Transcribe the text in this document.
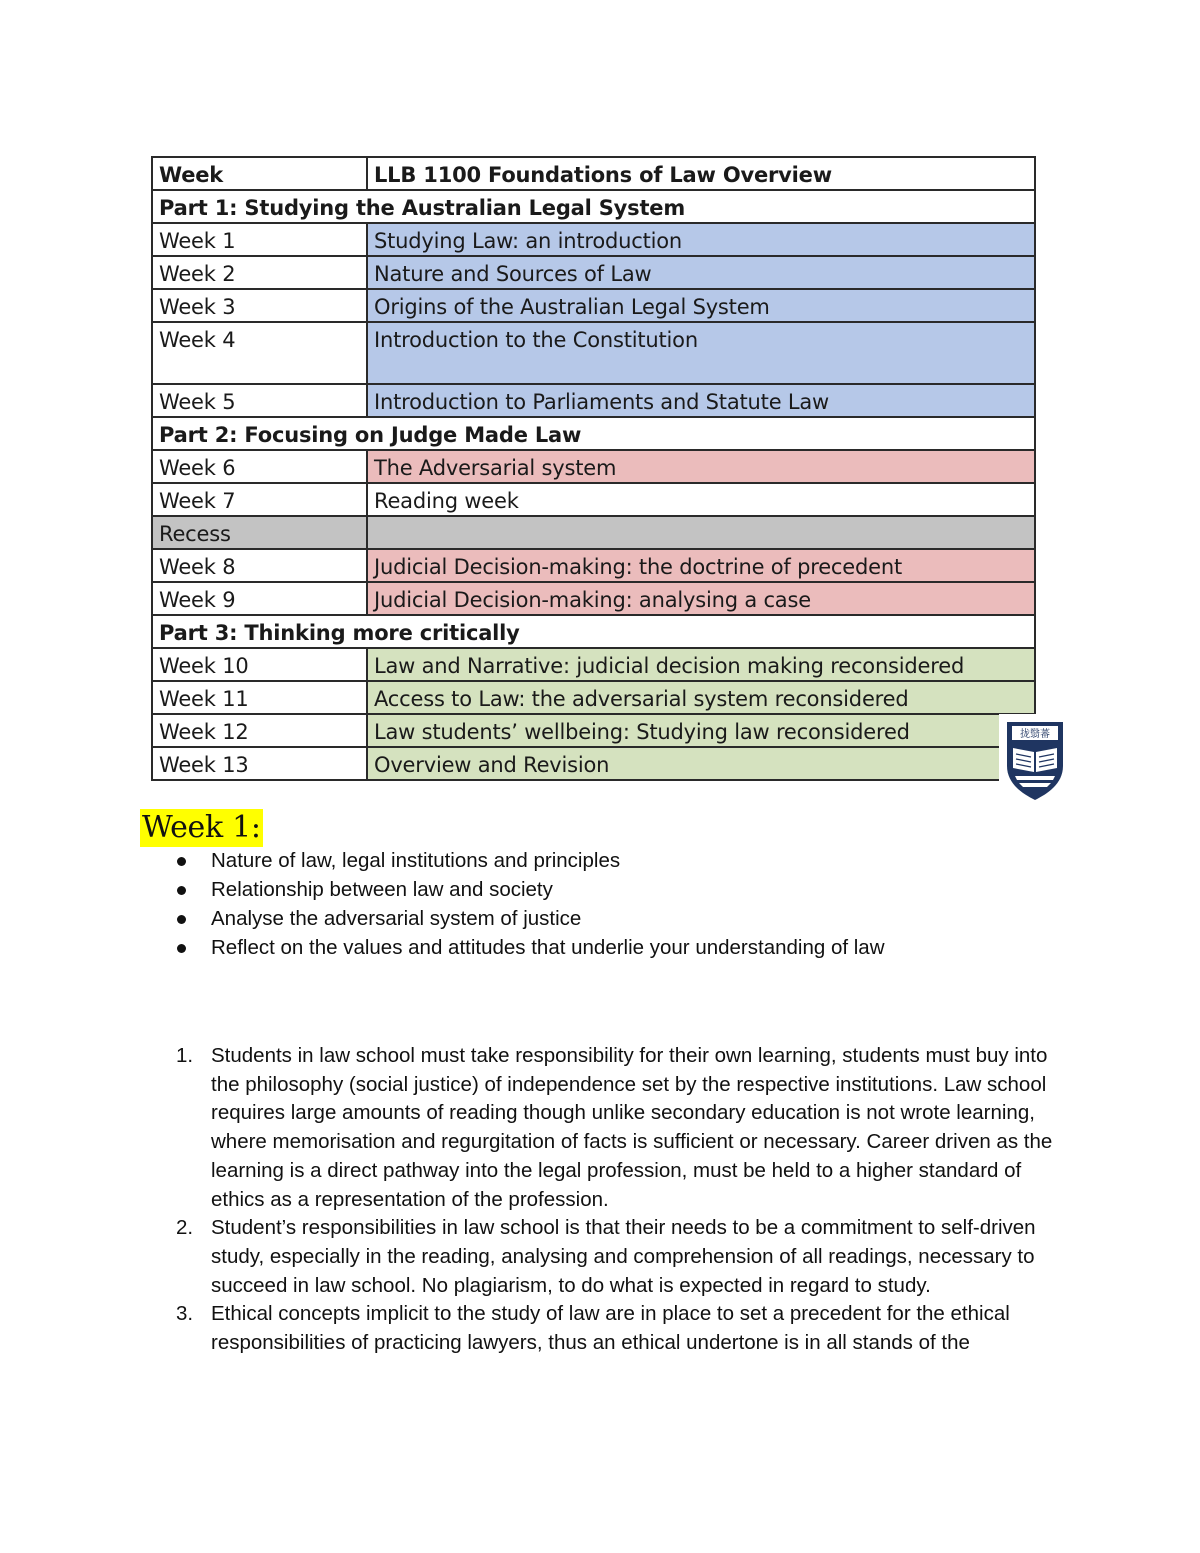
Week	LLB 1100 Foundations of Law Overview
Part 1: Studying the Australian Legal System	
Week 1	Studying Law: an introduction
Week 2	Nature and Sources of Law
Week 3	Origins of the Australian Legal System
Week 4	Introduction to the Constitution
Week 5	Introduction to Parliaments and Statute Law
Part 2: Focusing on Judge Made Law	
Week 6	The Adversarial system
Week 7	Reading week
Recess	
Week 8	Judicial Decision-making: the doctrine of precedent
Week 9	Judicial Decision-making: analysing a case
Part 3: Thinking more critically	
Week 10	Law and Narrative: judicial decision making reconsidered
Week 11	Access to Law: the adversarial system reconsidered
Week 12	Law students’ wellbeing: Studying law reconsidered
Week 13	Overview and Revision
拢翳蕃
Week 1:
Nature of law, legal institutions and principles
Relationship between law and society
Analyse the adversarial system of justice
Reflect on the values and attitudes that underlie your understanding of law
1. Students in law school must take responsibility for their own learning, students must buy into the philosophy (social justice) of independence set by the respective institutions. Law school requires large amounts of reading though unlike secondary education is not wrote learning, where memorisation and regurgitation of facts is sufficient or necessary. Career driven as the learning is a direct pathway into the legal profession, must be held to a higher standard of ethics as a representation of the profession.
2. Student’s responsibilities in law school is that their needs to be a commitment to self-driven study, especially in the reading, analysing and comprehension of all readings, necessary to succeed in law school. No plagiarism, to do what is expected in regard to study.
3. Ethical concepts implicit to the study of law are in place to set a precedent for the ethical responsibilities of practicing lawyers, thus an ethical undertone is in all stands of the
